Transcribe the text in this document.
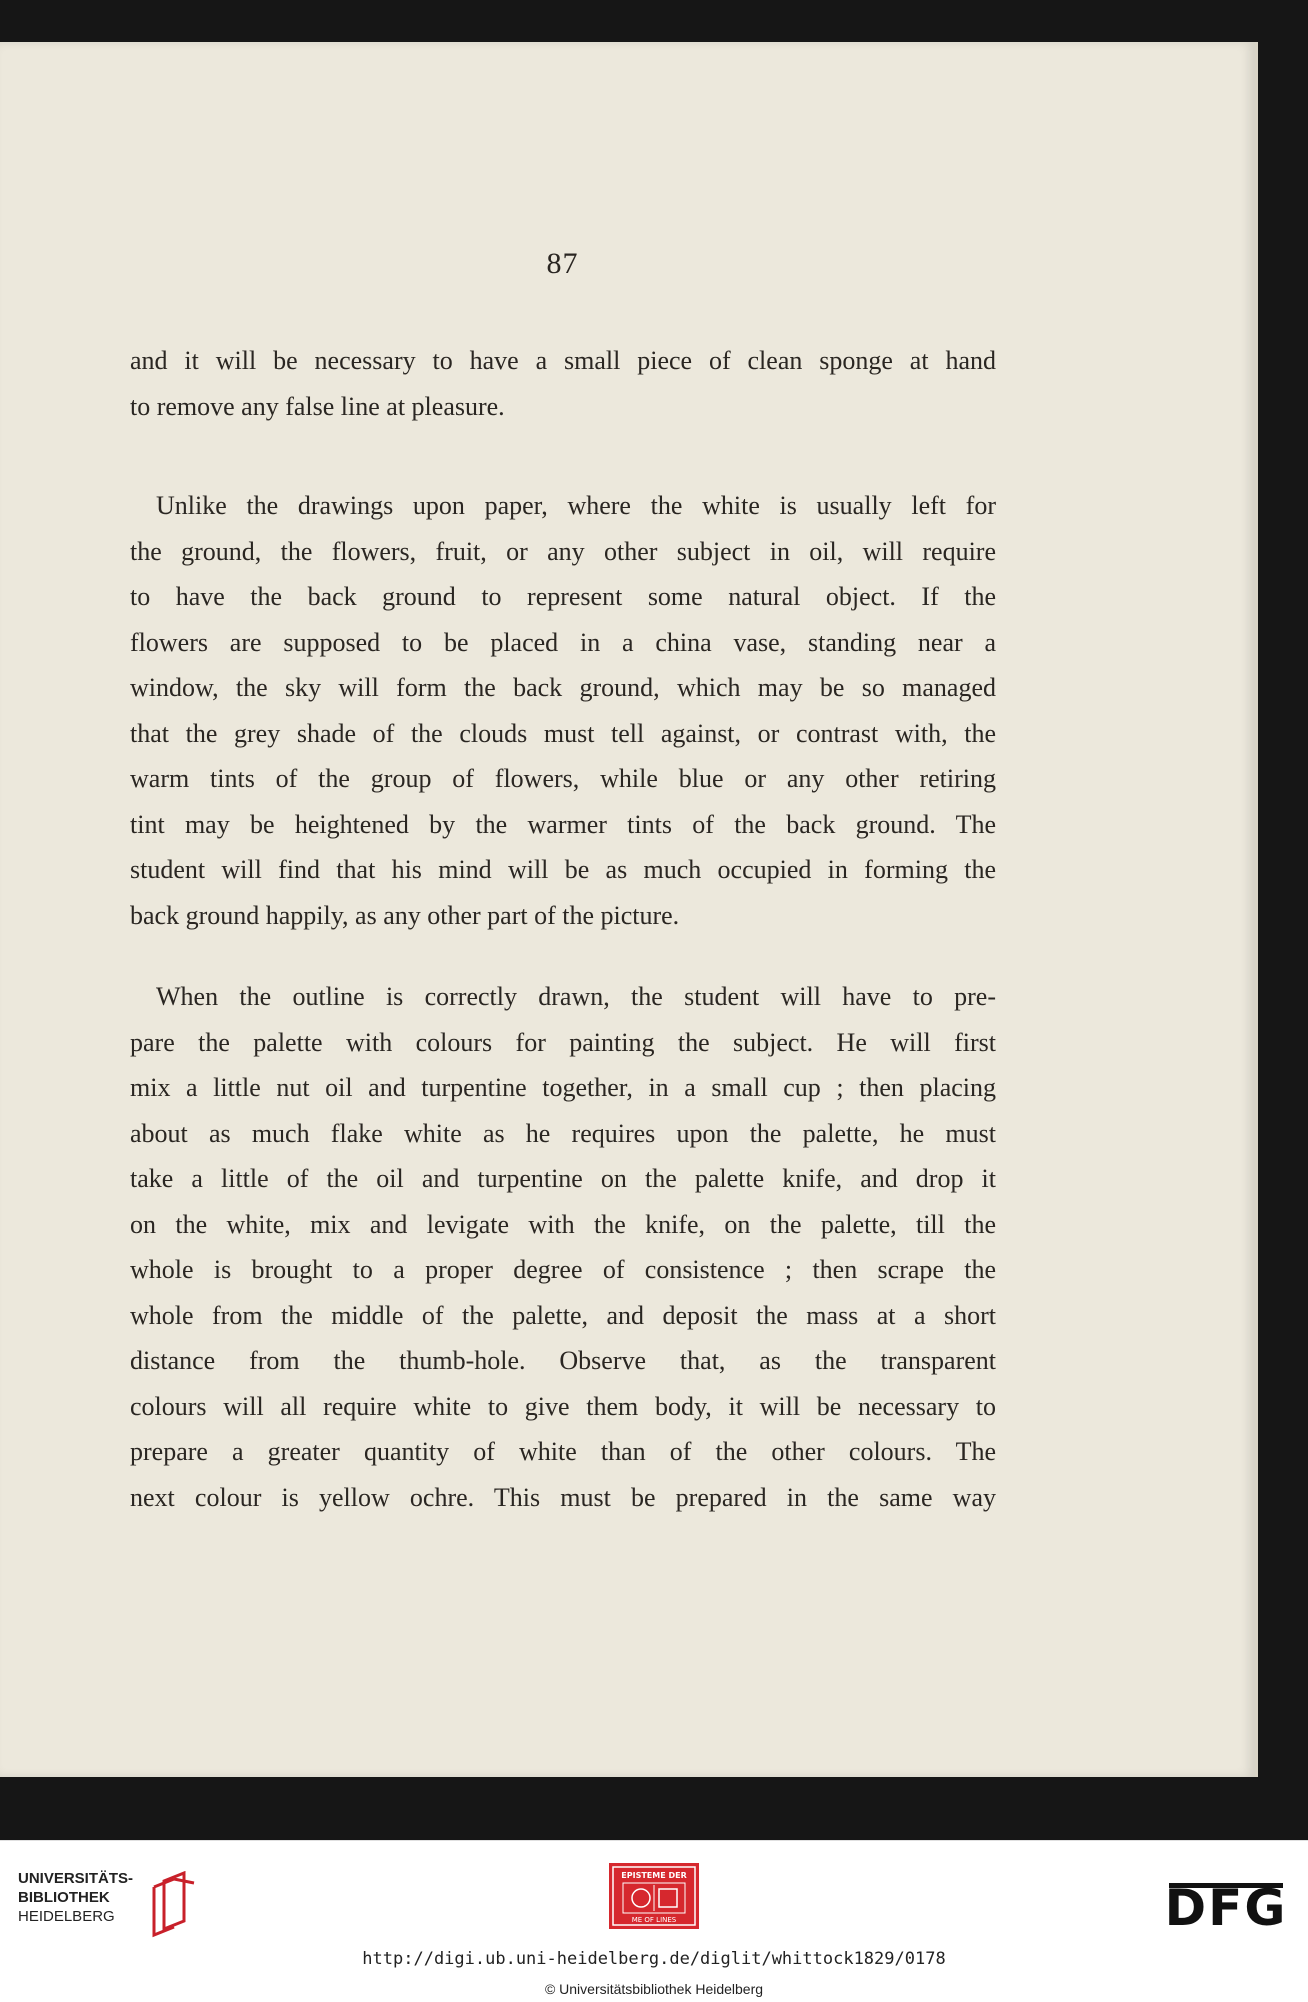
87
and it will be necessary to have a small piece of clean sponge at hand
to remove any false line at pleasure.
Unlike the drawings upon paper, where the white is usually left for
the ground, the flowers, fruit, or any other subject in oil, will require
to have the back ground to represent some natural object. If the
flowers are supposed to be placed in a china vase, standing near a
window, the sky will form the back ground, which may be so managed
that the grey shade of the clouds must tell against, or contrast with, the
warm tints of the group of flowers, while blue or any other retiring
tint may be heightened by the warmer tints of the back ground. The
student will find that his mind will be as much occupied in forming the
back ground happily, as any other part of the picture.
When the outline is correctly drawn, the student will have to pre-
pare the palette with colours for painting the subject. He will first
mix a little nut oil and turpentine together, in a small cup ; then placing
about as much flake white as he requires upon the palette, he must
take a little of the oil and turpentine on the palette knife, and drop it
on the white, mix and levigate with the knife, on the palette, till the
whole is brought to a proper degree of consistence ; then scrape the
whole from the middle of the palette, and deposit the mass at a short
distance from the thumb-hole. Observe that, as the transparent
colours will all require white to give them body, it will be necessary to
prepare a greater quantity of white than of the other colours. The
next colour is yellow ochre. This must be prepared in the same way
UNIVERSITÄTS-
BIBLIOTHEK
HEIDELBERG
EPISTEME DER
ME OF LINES	DFG
http://digi.ub.uni-heidelberg.de/diglit/whittock1829/0178
© Universitätsbibliothek Heidelberg
